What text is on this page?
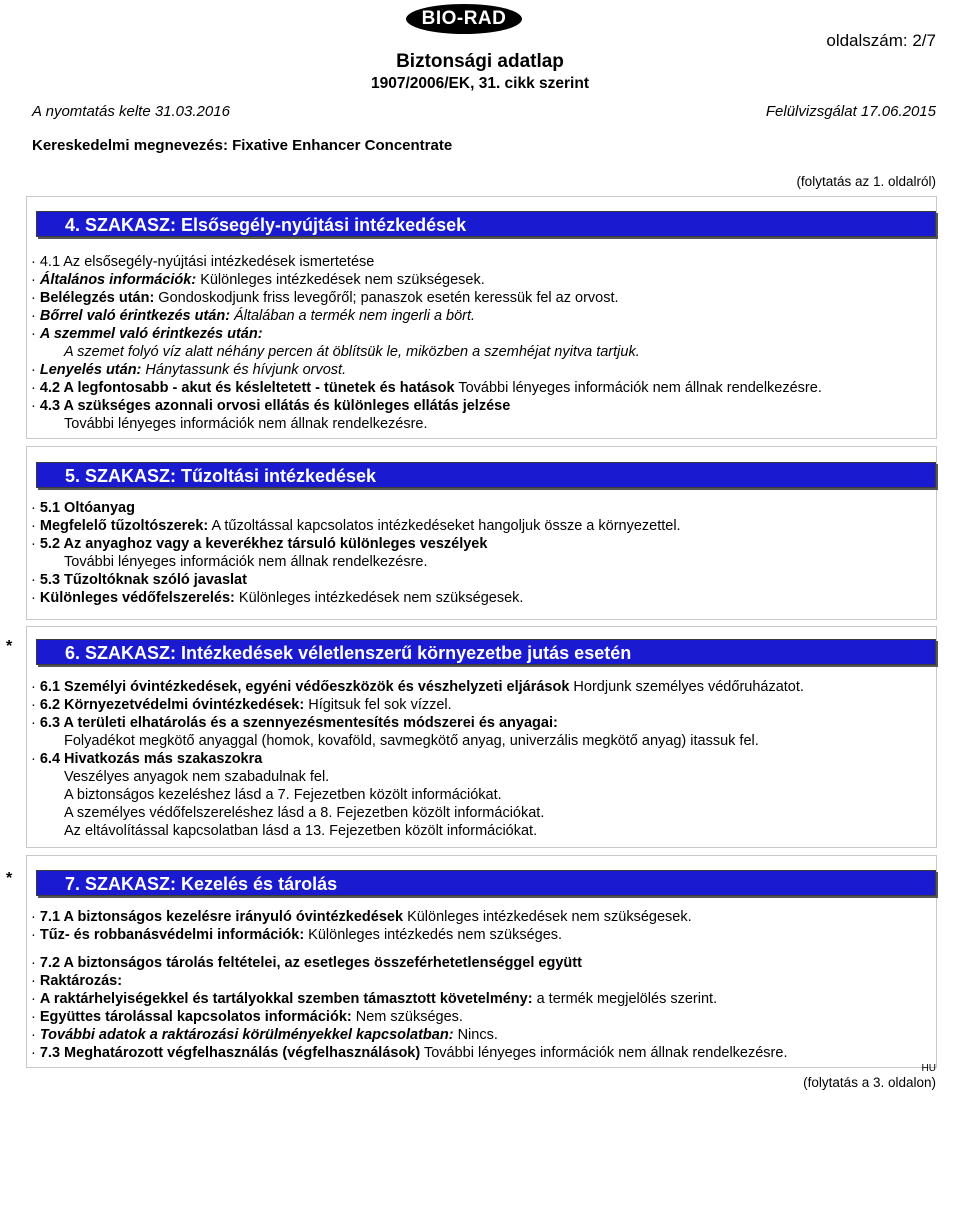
BIO-RAD
oldalszám: 2/7
Biztonsági adatlap
1907/2006/EK, 31. cikk szerint
A nyomtatás kelte 31.03.2016	Felülvizsgálat 17.06.2015
Kereskedelmi megnevezés: Fixative Enhancer Concentrate
(folytatás az 1. oldalról)
4. SZAKASZ: Elsősegély-nyújtási intézkedések
· 4.1 Az elsősegély-nyújtási intézkedések ismertetése
· Általános információk: Különleges intézkedések nem szükségesek.
· Belélegzés után: Gondoskodjunk friss levegőről; panaszok esetén keressük fel az orvost.
· Bőrrel való érintkezés után: Általában a termék nem ingerli a bört.
· A szemmel való érintkezés után:
A szemet folyó víz alatt néhány percen át öblítsük le, miközben a szemhéjat nyitva tartjuk.
· Lenyelés után: Hánytassunk és hívjunk orvost.
· 4.2 A legfontosabb - akut és késleltetett - tünetek és hatások További lényeges információk nem állnak rendelkezésre.
· 4.3 A szükséges azonnali orvosi ellátás és különleges ellátás jelzése
További lényeges információk nem állnak rendelkezésre.
5. SZAKASZ: Tűzoltási intézkedések
· 5.1 Oltóanyag
· Megfelelő tűzoltószerek: A tűzoltással kapcsolatos intézkedéseket hangoljuk össze a környezettel.
· 5.2 Az anyaghoz vagy a keverékhez társuló különleges veszélyek
További lényeges információk nem állnak rendelkezésre.
· 5.3 Tűzoltóknak szóló javaslat
· Különleges védőfelszerelés: Különleges intézkedések nem szükségesek.
*	6. SZAKASZ: Intézkedések véletlenszerű környezetbe jutás esetén
· 6.1 Személyi óvintézkedések, egyéni védőeszközök és vészhelyzeti eljárások Hordjunk személyes védőruházatot.
· 6.2 Környezetvédelmi óvintézkedések: Hígitsuk fel sok vízzel.
· 6.3 A területi elhatárolás és a szennyezésmentesítés módszerei és anyagai:
Folyadékot megkötő anyaggal (homok, kovaföld, savmegkötő anyag, univerzális megkötő anyag) itassuk fel.
· 6.4 Hivatkozás más szakaszokra
Veszélyes anyagok nem szabadulnak fel.
A biztonságos kezeléshez lásd a 7. Fejezetben közölt információkat.
A személyes védőfelszereléshez lásd a 8. Fejezetben közölt információkat.
Az eltávolítással kapcsolatban lásd a 13. Fejezetben közölt információkat.
*	7. SZAKASZ: Kezelés és tárolás
· 7.1 A biztonságos kezelésre irányuló óvintézkedések Különleges intézkedések nem szükségesek.
· Tűz- és robbanásvédelmi információk: Különleges intézkedés nem szükséges.
· 7.2 A biztonságos tárolás feltételei, az esetleges összeférhetetlenséggel együtt
· Raktározás:
· A raktárhelyiségekkel és tartályokkal szemben támasztott követelmény: a termék megjelölés szerint.
· Együttes tárolással kapcsolatos információk: Nem szükséges.
· További adatok a raktározási körülményekkel kapcsolatban: Nincs.
· 7.3 Meghatározott végfelhasználás (végfelhasználások) További lényeges információk nem állnak rendelkezésre.
HU
(folytatás a 3. oldalon)
